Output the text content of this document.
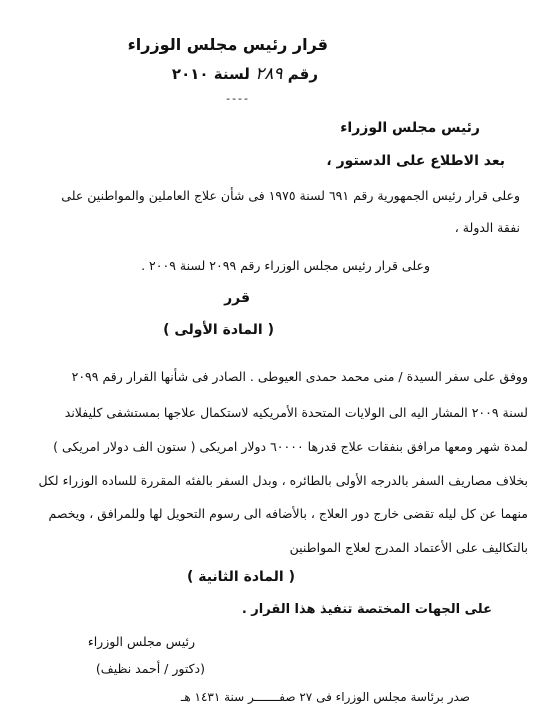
قرار رئيس مجلس الوزراء
رقم ٢٨٩ لسنة ٢٠١٠
----
رئيس مجلس الوزراء
بعد الاطلاع على الدستور ،
وعلى قرار رئيس الجمهورية رقم ٦٩١ لسنة ١٩٧٥ فى شأن علاج العاملين والمواطنين على
نفقة الدولة ،
وعلى قرار رئيس مجلس الوزراء رقم ٢٠٩٩ لسنة ٢٠٠٩ .
قرر
( المادة الأولى )
ووفق على سفر السيدة / منى محمد حمدى العيوطى . الصادر فى شأنها القرار رقم ٢٠٩٩
لسنة ٢٠٠٩ المشار اليه الى الولايات المتحدة الأمريكيه لاستكمال علاجها بمستشفى كليفلاند
لمدة شهر ومعها مرافق بنفقات علاج قدرها ٦٠٠٠٠ دولار امريكى ( ستون الف دولار امريكى )
بخلاف مصاريف السفر بالدرجه الأولى بالطائره ، وبدل السفر بالفئه المقررة للساده الوزراء لكل
منهما عن كل ليله تقضى خارج دور العلاج ، بالأضافه الى رسوم التحويل لها وللمرافق ، ويخصم
بالتكاليف على الأعتماد المدرج لعلاج المواطنين
( المادة الثانية )
على الجهات المختصة تنفيذ هذا القرار .
رئيس مجلس الوزراء
(دكتور / أحمد نظيف)
صدر برئاسة مجلس الوزراء فى ٢٧ صفـــــــر سنة ١٤٣١ هـ
